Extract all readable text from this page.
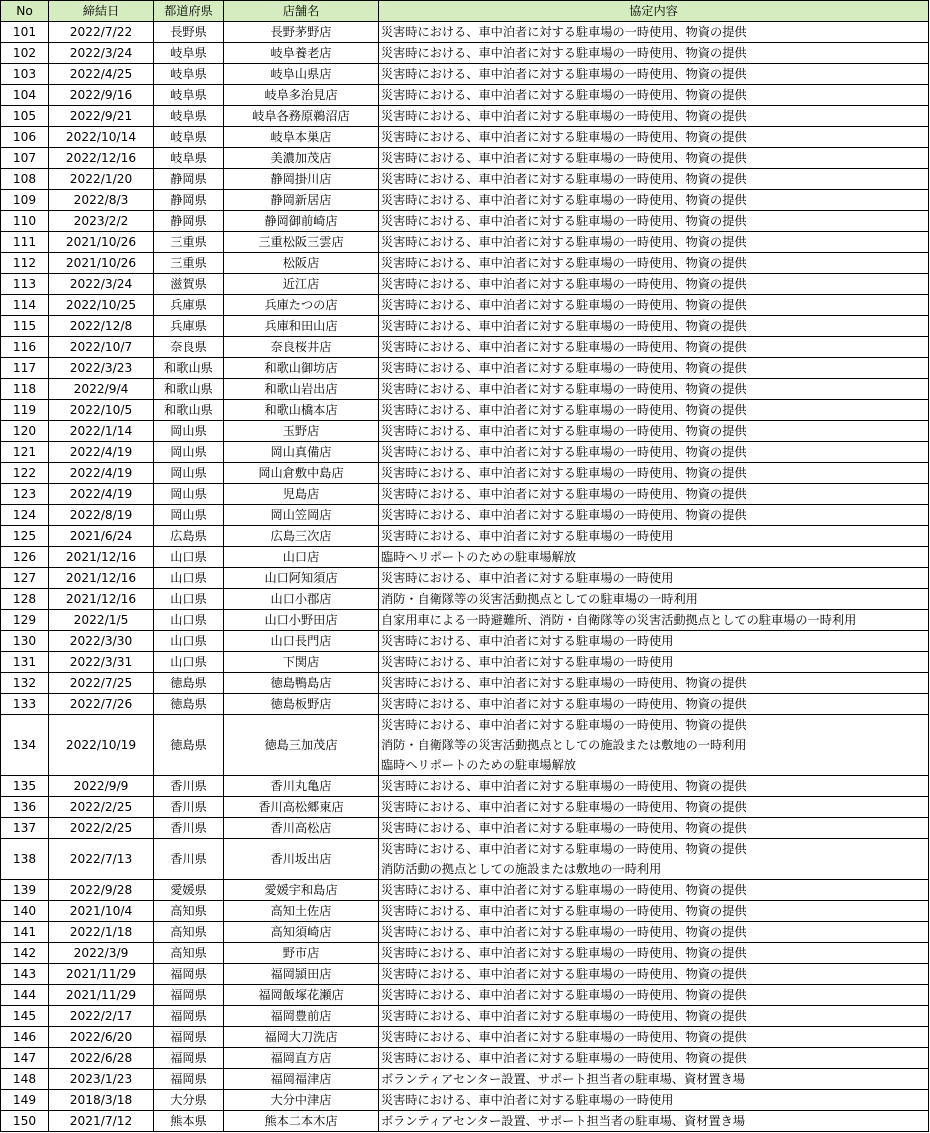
No	締結日	都道府県	店舗名	協定内容
101	2022/7/22	長野県	長野茅野店	災害時における、車中泊者に対する駐車場の一時使用、物資の提供

102	2022/3/24	岐阜県	岐阜養老店	災害時における、車中泊者に対する駐車場の一時使用、物資の提供

103	2022/4/25	岐阜県	岐阜山県店	災害時における、車中泊者に対する駐車場の一時使用、物資の提供

104	2022/9/16	岐阜県	岐阜多治見店	災害時における、車中泊者に対する駐車場の一時使用、物資の提供

105	2022/9/21	岐阜県	岐阜各務原鵜沼店	災害時における、車中泊者に対する駐車場の一時使用、物資の提供

106	2022/10/14	岐阜県	岐阜本巣店	災害時における、車中泊者に対する駐車場の一時使用、物資の提供

107	2022/12/16	岐阜県	美濃加茂店	災害時における、車中泊者に対する駐車場の一時使用、物資の提供

108	2022/1/20	静岡県	静岡掛川店	災害時における、車中泊者に対する駐車場の一時使用、物資の提供

109	2022/8/3	静岡県	静岡新居店	災害時における、車中泊者に対する駐車場の一時使用、物資の提供

110	2023/2/2	静岡県	静岡御前崎店	災害時における、車中泊者に対する駐車場の一時使用、物資の提供

111	2021/10/26	三重県	三重松阪三雲店	災害時における、車中泊者に対する駐車場の一時使用、物資の提供

112	2021/10/26	三重県	松阪店	災害時における、車中泊者に対する駐車場の一時使用、物資の提供

113	2022/3/24	滋賀県	近江店	災害時における、車中泊者に対する駐車場の一時使用、物資の提供

114	2022/10/25	兵庫県	兵庫たつの店	災害時における、車中泊者に対する駐車場の一時使用、物資の提供

115	2022/12/8	兵庫県	兵庫和田山店	災害時における、車中泊者に対する駐車場の一時使用、物資の提供

116	2022/10/7	奈良県	奈良桜井店	災害時における、車中泊者に対する駐車場の一時使用、物資の提供

117	2022/3/23	和歌山県	和歌山御坊店	災害時における、車中泊者に対する駐車場の一時使用、物資の提供

118	2022/9/4	和歌山県	和歌山岩出店	災害時における、車中泊者に対する駐車場の一時使用、物資の提供

119	2022/10/5	和歌山県	和歌山橋本店	災害時における、車中泊者に対する駐車場の一時使用、物資の提供

120	2022/1/14	岡山県	玉野店	災害時における、車中泊者に対する駐車場の一時使用、物資の提供

121	2022/4/19	岡山県	岡山真備店	災害時における、車中泊者に対する駐車場の一時使用、物資の提供

122	2022/4/19	岡山県	岡山倉敷中島店	災害時における、車中泊者に対する駐車場の一時使用、物資の提供

123	2022/4/19	岡山県	児島店	災害時における、車中泊者に対する駐車場の一時使用、物資の提供

124	2022/8/19	岡山県	岡山笠岡店	災害時における、車中泊者に対する駐車場の一時使用、物資の提供

125	2021/6/24	広島県	広島三次店	災害時における、車中泊者に対する駐車場の一時使用

126	2021/12/16	山口県	山口店	臨時ヘリポートのための駐車場解放

127	2021/12/16	山口県	山口阿知須店	災害時における、車中泊者に対する駐車場の一時使用

128	2021/12/16	山口県	山口小郡店	消防・自衛隊等の災害活動拠点としての駐車場の一時利用

129	2022/1/5	山口県	山口小野田店	自家用車による一時避難所、消防・自衛隊等の災害活動拠点としての駐車場の一時利用

130	2022/3/30	山口県	山口長門店	災害時における、車中泊者に対する駐車場の一時使用

131	2022/3/31	山口県	下関店	災害時における、車中泊者に対する駐車場の一時使用

132	2022/7/25	徳島県	徳島鴨島店	災害時における、車中泊者に対する駐車場の一時使用、物資の提供

133	2022/7/26	徳島県	徳島板野店	災害時における、車中泊者に対する駐車場の一時使用、物資の提供

134	2022/10/19	徳島県	徳島三加茂店	災害時における、車中泊者に対する駐車場の一時使用、物資の提供
消防・自衛隊等の災害活動拠点としての施設または敷地の一時利用
臨時ヘリポートのための駐車場解放

135	2022/9/9	香川県	香川丸亀店	災害時における、車中泊者に対する駐車場の一時使用、物資の提供

136	2022/2/25	香川県	香川高松郷東店	災害時における、車中泊者に対する駐車場の一時使用、物資の提供

137	2022/2/25	香川県	香川高松店	災害時における、車中泊者に対する駐車場の一時使用、物資の提供

138	2022/7/13	香川県	香川坂出店	災害時における、車中泊者に対する駐車場の一時使用、物資の提供
消防活動の拠点としての施設または敷地の一時利用

139	2022/9/28	愛媛県	愛媛宇和島店	災害時における、車中泊者に対する駐車場の一時使用、物資の提供

140	2021/10/4	高知県	高知土佐店	災害時における、車中泊者に対する駐車場の一時使用、物資の提供

141	2022/1/18	高知県	高知須崎店	災害時における、車中泊者に対する駐車場の一時使用、物資の提供

142	2022/3/9	高知県	野市店	災害時における、車中泊者に対する駐車場の一時使用、物資の提供

143	2021/11/29	福岡県	福岡頴田店	災害時における、車中泊者に対する駐車場の一時使用、物資の提供

144	2021/11/29	福岡県	福岡飯塚花瀬店	災害時における、車中泊者に対する駐車場の一時使用、物資の提供

145	2022/2/17	福岡県	福岡豊前店	災害時における、車中泊者に対する駐車場の一時使用、物資の提供

146	2022/6/20	福岡県	福岡大刀洗店	災害時における、車中泊者に対する駐車場の一時使用、物資の提供

147	2022/6/28	福岡県	福岡直方店	災害時における、車中泊者に対する駐車場の一時使用、物資の提供

148	2023/1/23	福岡県	福岡福津店	ボランティアセンター設置、サポート担当者の駐車場、資材置き場

149	2018/3/18	大分県	大分中津店	災害時における、車中泊者に対する駐車場の一時使用

150	2021/7/12	熊本県	熊本二本木店	ボランティアセンター設置、サポート担当者の駐車場、資材置き場
